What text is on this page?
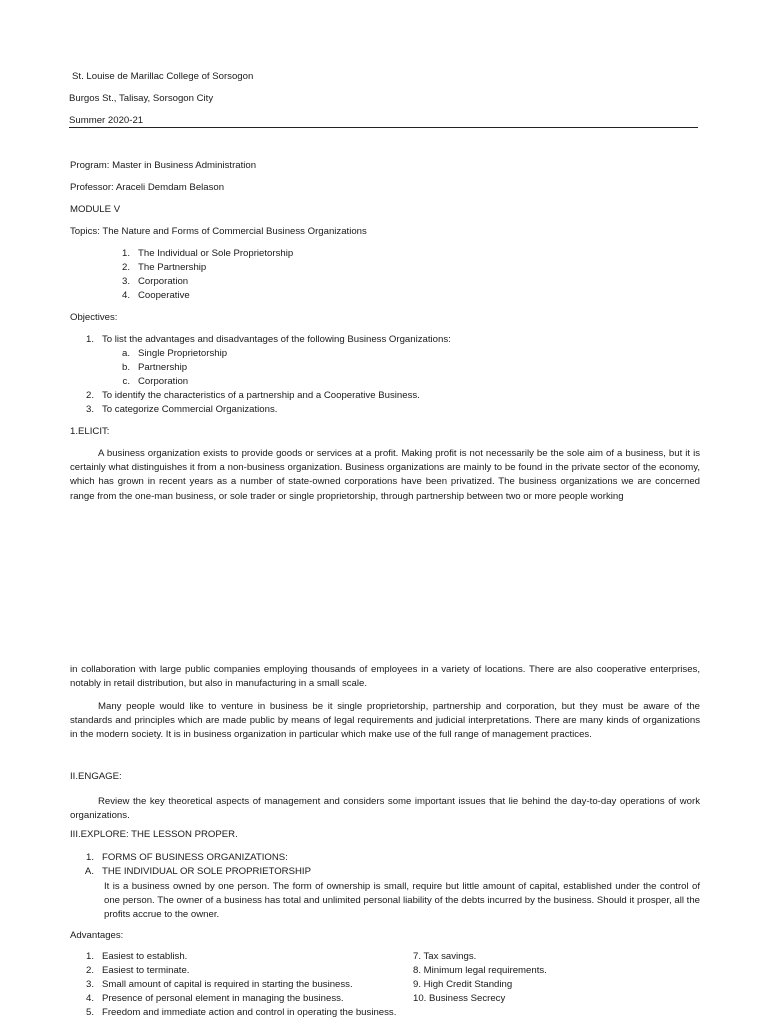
St. Louise de Marillac College of Sorsogon
Burgos St., Talisay, Sorsogon City
Summer 2020-21
Program: Master in Business Administration
Professor: Araceli Demdam Belason
MODULE V
Topics: The Nature and Forms of Commercial Business Organizations
1. The Individual or Sole Proprietorship
2. The Partnership
3. Corporation
4. Cooperative
Objectives:
1. To list the advantages and disadvantages of the following Business Organizations:
a. Single Proprietorship
b. Partnership
c. Corporation
2. To identify the characteristics of a partnership and a Cooperative Business.
3. To categorize Commercial Organizations.
1.ELICIT:
A business organization exists to provide goods or services at a profit. Making profit is not necessarily be the sole aim of a business, but it is certainly what distinguishes it from a non-business organization. Business organizations are mainly to be found in the private sector of the economy, which has grown in recent years as a number of state-owned corporations have been privatized. The business organizations we are concerned range from the one-man business, or sole trader or single proprietorship, through partnership between two or more people working
in collaboration with large public companies employing thousands of employees in a variety of locations. There are also cooperative enterprises, notably in retail distribution, but also in manufacturing in a small scale.
Many people would like to venture in business be it single proprietorship, partnership and corporation, but they must be aware of the standards and principles which are made public by means of legal requirements and judicial interpretations. There are many kinds of organizations in the modern society. It is in business organization in particular which make use of the full range of management practices.
II.ENGAGE:
Review the key theoretical aspects of management and considers some important issues that lie behind the day-to-day operations of work organizations.
III.EXPLORE: THE LESSON PROPER.
1. FORMS OF BUSINESS ORGANIZATIONS:
A. THE INDIVIDUAL OR SOLE PROPRIETORSHIP
It is a business owned by one person. The form of ownership is small, require but little amount of capital, established under the control of one person. The owner of a business has total and unlimited personal liability of the debts incurred by the business. Should it prosper, all the profits accrue to the owner.
Advantages:
1. Easiest to establish.
2. Easiest to terminate.
3. Small amount of capital is required in starting the business.
4. Presence of personal element in managing the business.
5. Freedom and immediate action and control in operating the business.
7. Tax savings.
8. Minimum legal requirements.
9. High Credit Standing
10. Business Secrecy
